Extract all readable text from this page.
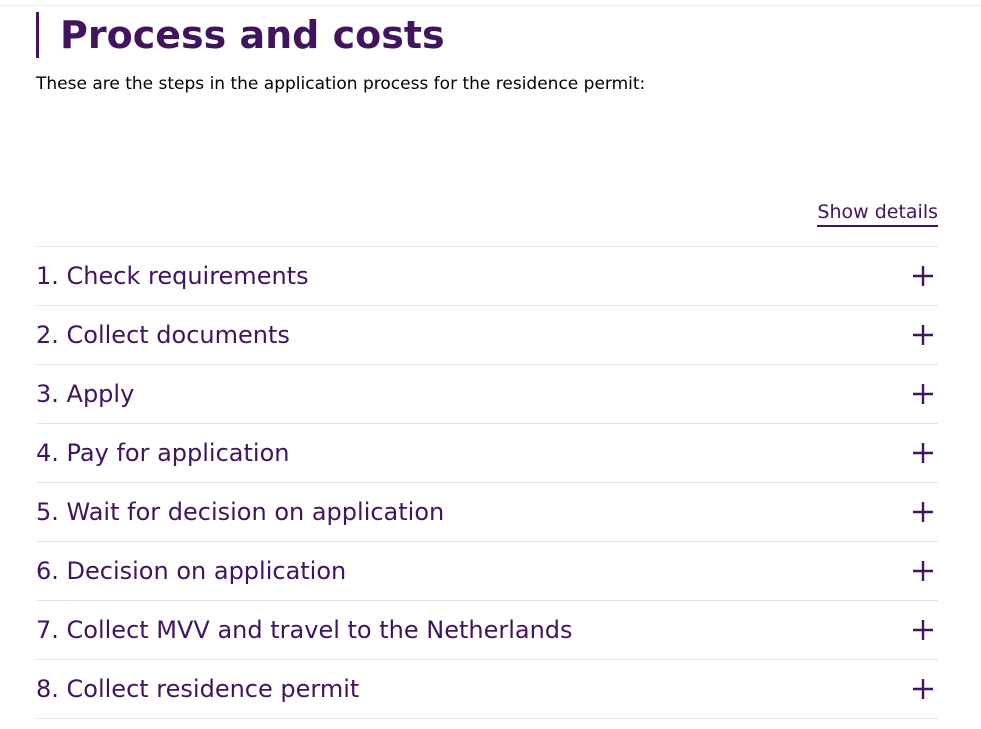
Process and costs

These are the steps in the application process for the residence permit:

Show details
1. Check requirements
2. Collect documents
3. Apply
4. Pay for application
5. Wait for decision on application
6. Decision on application
7. Collect MVV and travel to the Netherlands
8. Collect residence permit
